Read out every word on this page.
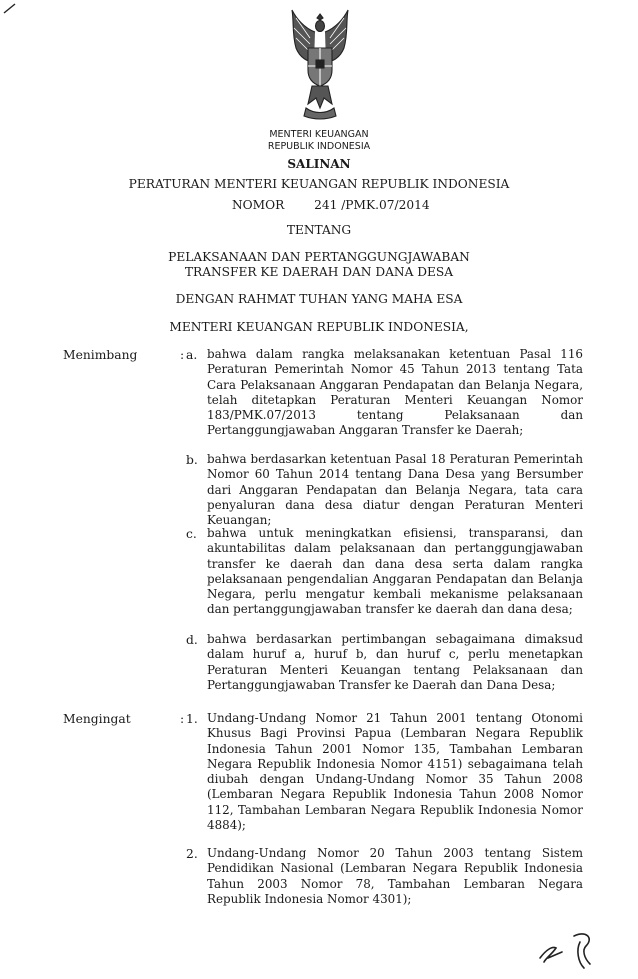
MENTERI KEUANGAN
REPUBLIK INDONESIA
SALINAN
PERATURAN MENTERI KEUANGAN REPUBLIK INDONESIA
NOMOR 241 /PMK.07/2014
TENTANG
PELAKSANAAN DAN PERTANGGUNGJAWABAN
TRANSFER KE DAERAH DAN DANA DESA
DENGAN RAHMAT TUHAN YANG MAHA ESA
MENTERI KEUANGAN REPUBLIK INDONESIA,
Menimbang	: a. bahwa dalam rangka melaksanakan ketentuan Pasal 116 Peraturan Pemerintah Nomor 45 Tahun 2013 tentang Tata Cara Pelaksanaan Anggaran Pendapatan dan Belanja Negara, telah ditetapkan Peraturan Menteri Keuangan Nomor 183/PMK.07/2013 tentang Pelaksanaan dan Pertanggungjawaban Anggaran Transfer ke Daerah;
b. bahwa berdasarkan ketentuan Pasal 18 Peraturan Pemerintah Nomor 60 Tahun 2014 tentang Dana Desa yang Bersumber dari Anggaran Pendapatan dan Belanja Negara, tata cara penyaluran dana desa diatur dengan Peraturan Menteri Keuangan;
c. bahwa untuk meningkatkan efisiensi, transparansi, dan akuntabilitas dalam pelaksanaan dan pertanggungjawaban transfer ke daerah dan dana desa serta dalam rangka pelaksanaan pengendalian Anggaran Pendapatan dan Belanja Negara, perlu mengatur kembali mekanisme pelaksanaan dan pertanggungjawaban transfer ke daerah dan dana desa;
d. bahwa berdasarkan pertimbangan sebagaimana dimaksud dalam huruf a, huruf b, dan huruf c, perlu menetapkan Peraturan Menteri Keuangan tentang Pelaksanaan dan Pertanggungjawaban Transfer ke Daerah dan Dana Desa;
Mengingat	: 1. Undang-Undang Nomor 21 Tahun 2001 tentang Otonomi Khusus Bagi Provinsi Papua (Lembaran Negara Republik Indonesia Tahun 2001 Nomor 135, Tambahan Lembaran Negara Republik Indonesia Nomor 4151) sebagaimana telah diubah dengan Undang-Undang Nomor 35 Tahun 2008 (Lembaran Negara Republik Indonesia Tahun 2008 Nomor 112, Tambahan Lembaran Negara Republik Indonesia Nomor 4884);
2. Undang-Undang Nomor 20 Tahun 2003 tentang Sistem Pendidikan Nasional (Lembaran Negara Republik Indonesia Tahun 2003 Nomor 78, Tambahan Lembaran Negara Republik Indonesia Nomor 4301);
